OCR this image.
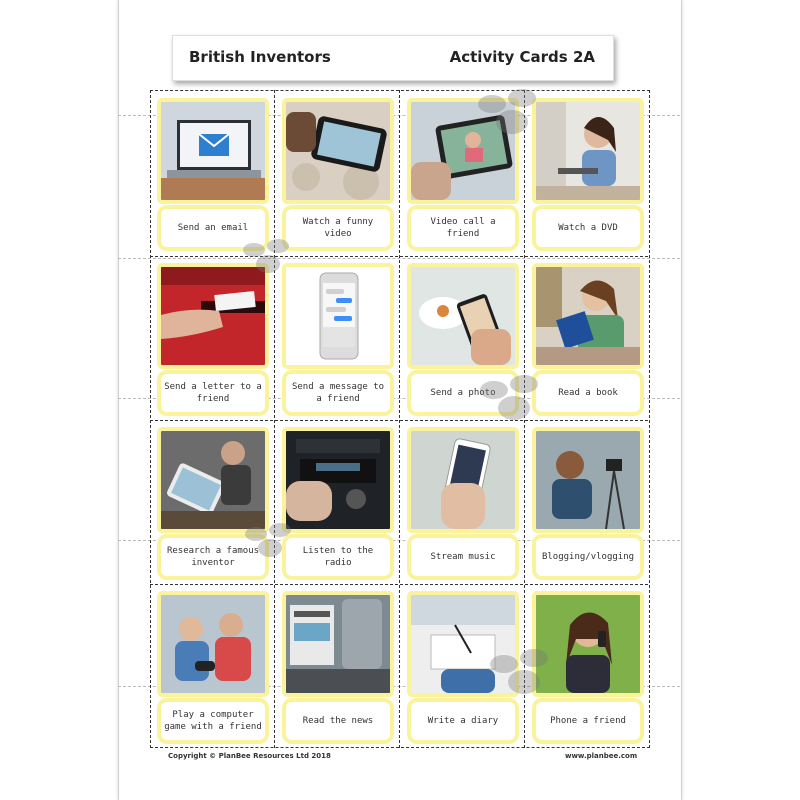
British Inventors	Activity Cards 2A
Send an email
Watch a funny video
Video call a friend
Watch a DVD
Send a letter to a friend
Send a message to a friend
Send a photo	Read a book
Research a famous inventor
Listen to the radio
Stream music	Blogging/vlogging
Play a computer game with a friend
Read the news	Write a diary	Phone a friend
Copyright © PlanBee Resources Ltd 2018	www.planbee.com
